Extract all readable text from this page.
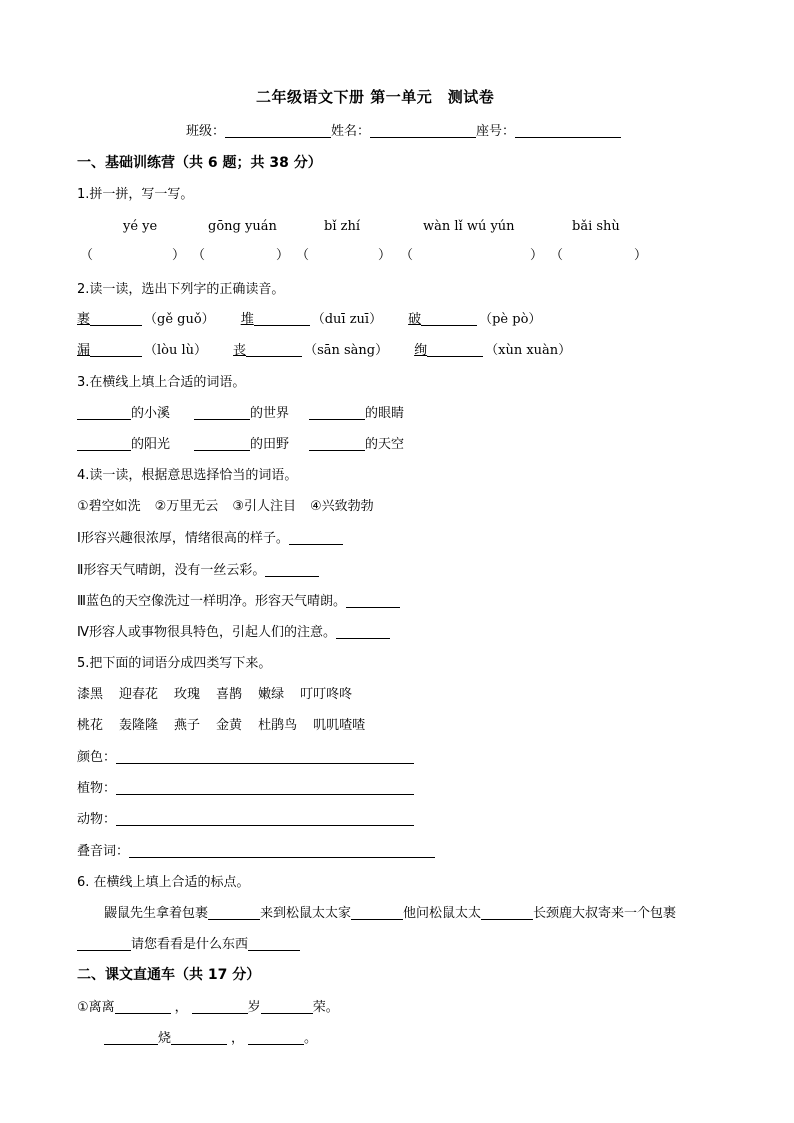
二年级语文下册 第一单元　测试卷
班级：	姓名：	座号：
一、基础训练营（共 6 题；共 38 分）
1.拼一拼，写一写。
yé ye	gōng yuán	bǐ zhí	wàn lǐ wú yún	bǎi shù
（	） （	） （	） （	） （	）
2.读一读，选出下列字的正确读音。
裹	（gě guǒ） 堆	（duī zuī） 破	（pè pò）
漏	（lòu lù） 丧	（sān sàng） 绚	（xùn xuàn）
3.在横线上填上合适的词语。
的小溪	的世界	的眼睛
的阳光	的田野	的天空
4.读一读，根据意思选择恰当的词语。
①碧空如洗 ②万里无云 ③引人注目 ④兴致勃勃
Ⅰ形容兴趣很浓厚，情绪很高的样子。
Ⅱ形容天气晴朗，没有一丝云彩。
Ⅲ蓝色的天空像洗过一样明净。形容天气晴朗。
Ⅳ形容人或事物很具特色，引起人们的注意。
5.把下面的词语分成四类写下来。
漆黑 迎春花 玫瑰 喜鹊 嫩绿 叮叮咚咚
桃花 轰隆隆 燕子 金黄 杜鹃鸟 叽叽喳喳
颜色：
植物：
动物：
叠音词：
6. 在横线上填上合适的标点。
鼹鼠先生拿着包裹	来到松鼠太太家	他问松鼠太太	长颈鹿大叔寄来一个包裹
请您看看是什么东西
二、课文直通车（共 17 分）
①离离	，	岁	荣。
烧	，	。
